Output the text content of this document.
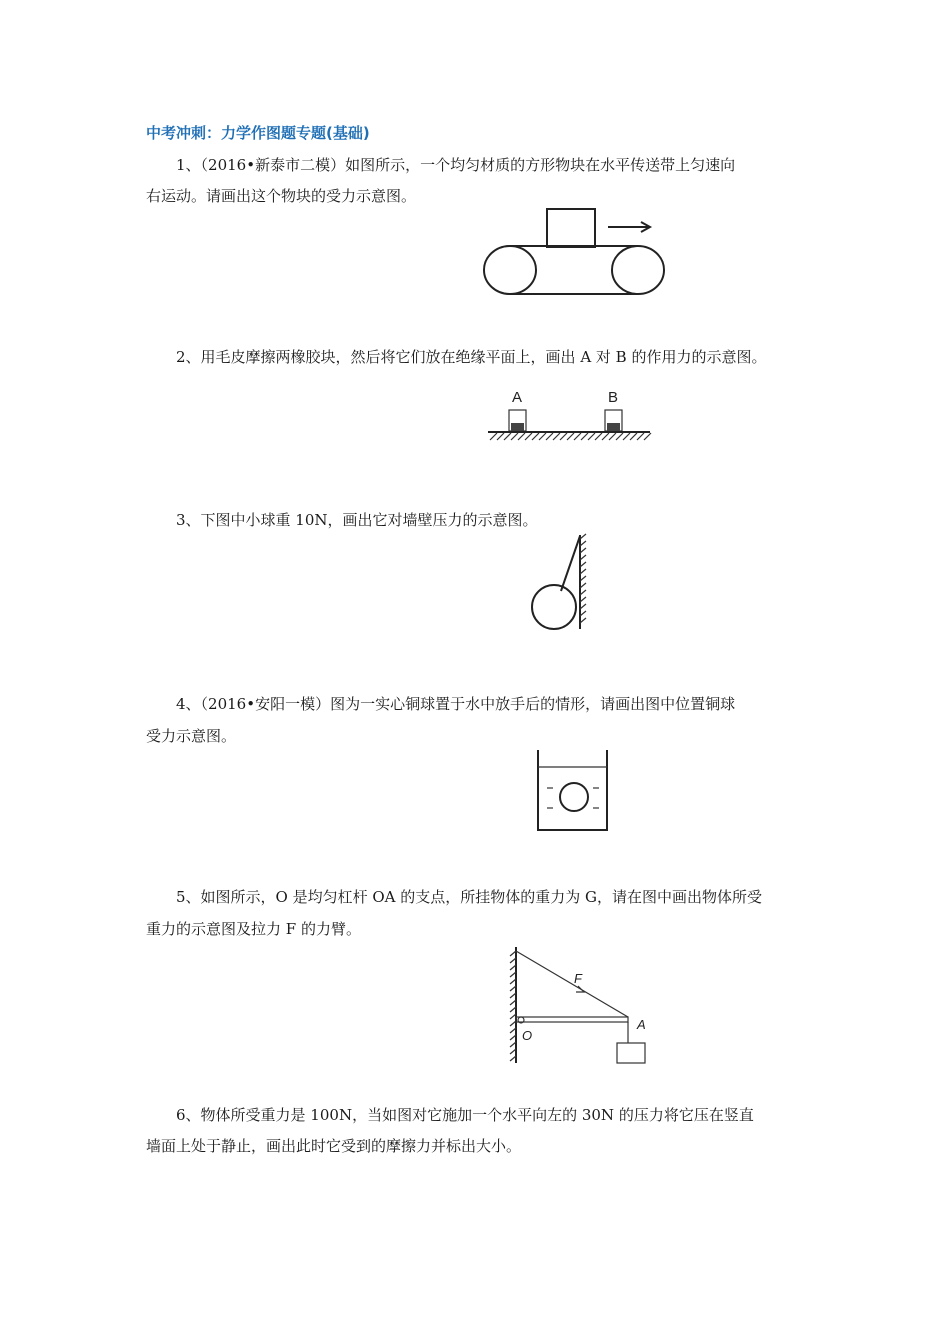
中考冲刺：力学作图题专题(基础)
1、（2016•新泰市二模）如图所示，一个均匀材质的方形物块在水平传送带上匀速向
右运动。请画出这个物块的受力示意图。
2、用毛皮摩擦两橡胶块，然后将它们放在绝缘平面上，画出 A 对 B 的作用力的示意图。
A	B
3、下图中小球重 10N，画出它对墙壁压力的示意图。
4、（2016•安阳一模）图为一实心铜球置于水中放手后的情形，请画出图中位置铜球
受力示意图。
5、如图所示，O 是均匀杠杆 OA 的支点，所挂物体的重力为 G，请在图中画出物体所受
重力的示意图及拉力 F 的力臂。
F
O
A
6、物体所受重力是 100N，当如图对它施加一个水平向左的 30N 的压力将它压在竖直
墙面上处于静止，画出此时它受到的摩擦力并标出大小。
